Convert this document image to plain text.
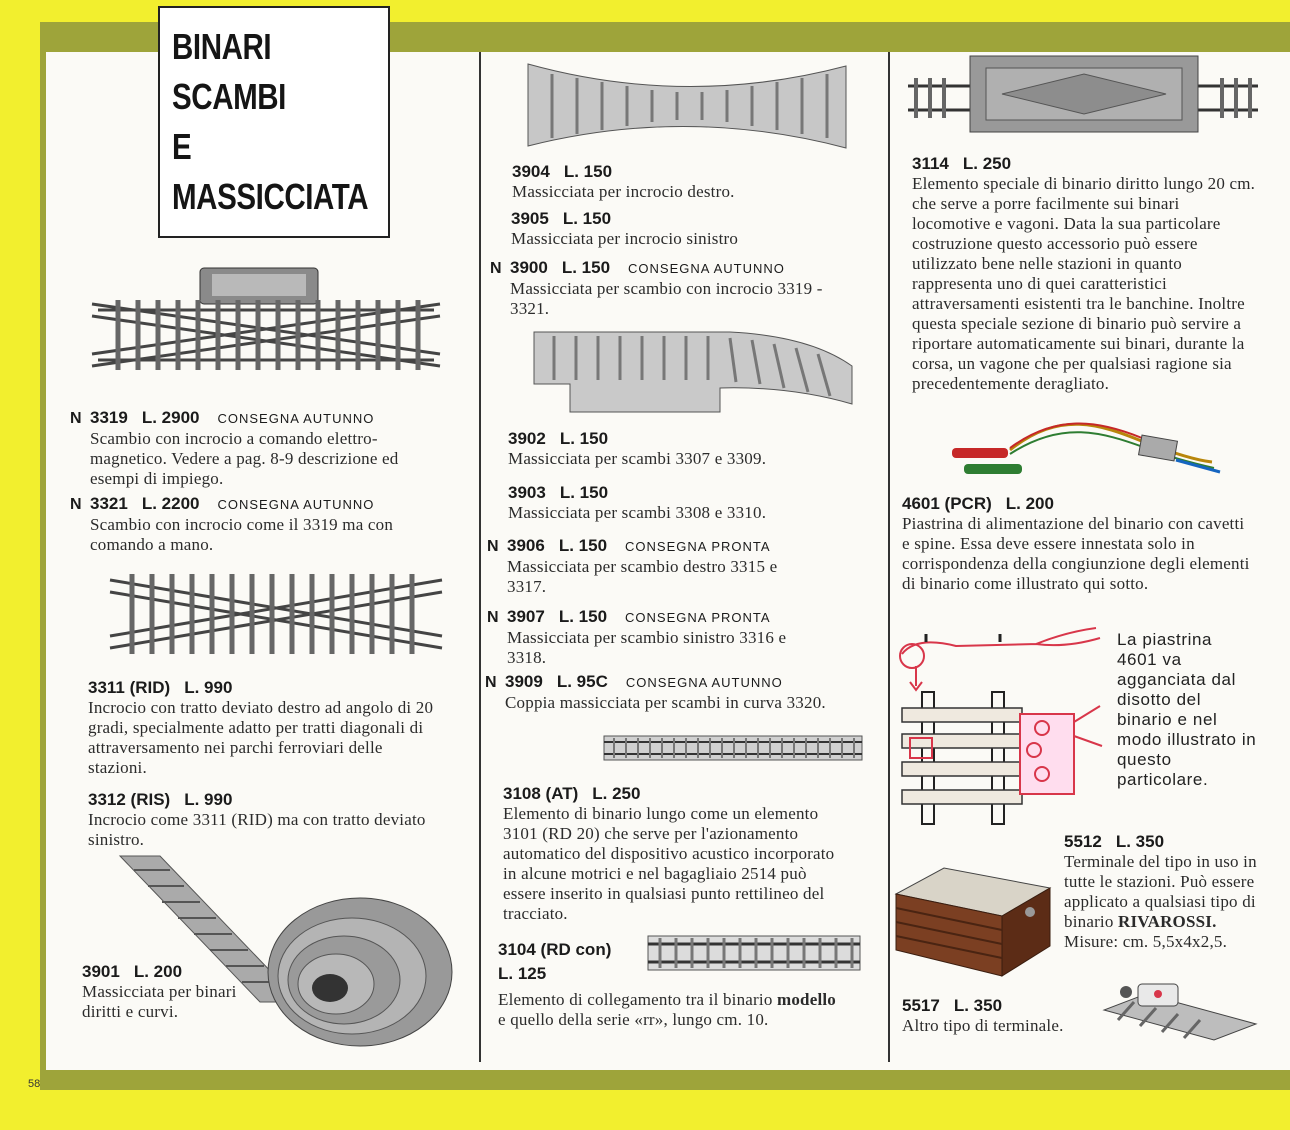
58
BINARI
SCAMBI
E
MASSICCIATA
N 3319 L. 2900 CONSEGNA AUTUNNO
Scambio con incrocio a comando elettro-magnetico. Vedere a pag. 8-9 descrizione ed esempi di impiego.
N 3321 L. 2200 CONSEGNA AUTUNNO
Scambio con incrocio come il 3319 ma con comando a mano.
3311 (RID) L. 990
Incrocio con tratto deviato destro ad angolo di 20 gradi, specialmente adatto per tratti diagonali di attraversamento nei parchi ferroviari delle stazioni.
3312 (RIS) L. 990
Incrocio come 3311 (RID) ma con tratto deviato sinistro.
3901 L. 200
Massicciata per binari diritti e curvi.
3904 L. 150
Massicciata per incrocio destro.
3905 L. 150
Massicciata per incrocio sinistro
N 3900 L. 150 CONSEGNA AUTUNNO
Massicciata per scambio con incrocio 3319 - 3321.
3902 L. 150
Massicciata per scambi 3307 e 3309.
3903 L. 150
Massicciata per scambi 3308 e 3310.
N 3906 L. 150 CONSEGNA PRONTA
Massicciata per scambio destro 3315 e 3317.
N 3907 L. 150 CONSEGNA PRONTA
Massicciata per scambio sinistro 3316 e 3318.
N 3909 L. 95C CONSEGNA AUTUNNO
Coppia massicciata per scambi in curva 3320.
3108 (AT) L. 250
Elemento di binario lungo come un elemento 3101 (RD 20) che serve per l'azionamento automatico del dispositivo acustico incorporato in alcune motrici e nel bagagliaio 2514 può essere inserito in qualsiasi punto rettilineo del tracciato.
3104 (RD con)
L. 125
Elemento di collegamento tra il binario modello e quello della serie «rr», lungo cm. 10.
3114 L. 250
Elemento speciale di binario diritto lungo 20 cm. che serve a porre facilmente sui binari locomotive e vagoni. Data la sua particolare costruzione questo accessorio può essere utilizzato bene nelle stazioni in quanto rappresenta uno di quei caratteristici attraversamenti esistenti tra le banchine. Inoltre questa speciale sezione di binario può servire a riportare automaticamente sui binari, durante la corsa, un vagone che per qualsiasi ragione sia precedentemente deragliato.
4601 (PCR) L. 200
Piastrina di alimentazione del binario con cavetti e spine. Essa deve essere innestata solo in corrispondenza della congiunzione degli elementi di binario come illustrato qui sotto.
La piastrina 4601 va agganciata dal disotto del binario e nel modo illustrato in questo particolare.
5512 L. 350
Terminale del tipo in uso in tutte le stazioni. Può essere applicato a qualsiasi tipo di binario RIVAROSSI. Misure: cm. 5,5x4x2,5.
5517 L. 350
Altro tipo di terminale.
